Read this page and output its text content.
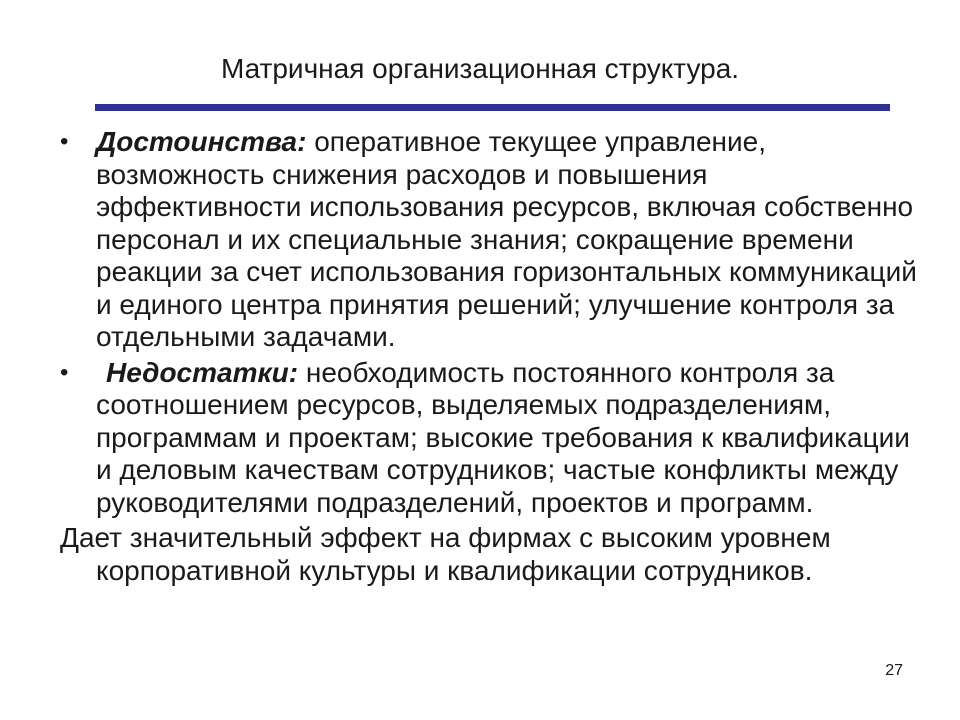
Матричная организационная структура.
• Достоинства: оперативное текущее управление, возможность снижения расходов и повышения эффективности использования ресурсов, включая собственно персонал и их специальные знания; сокращение времени реакции за счет использования горизонтальных коммуникаций и единого центра принятия решений; улучшение контроля за отдельными задачами.
• Недостатки: необходимость постоянного контроля за соотношением ресурсов, выделяемых подразделениям, программам и проектам; высокие требования к квалификации и деловым качествам сотрудников; частые конфликты между руководителями подразделений, проектов и программ.
Дает значительный эффект на фирмах с высоким уровнем корпоративной культуры и квалификации сотрудников.
27
